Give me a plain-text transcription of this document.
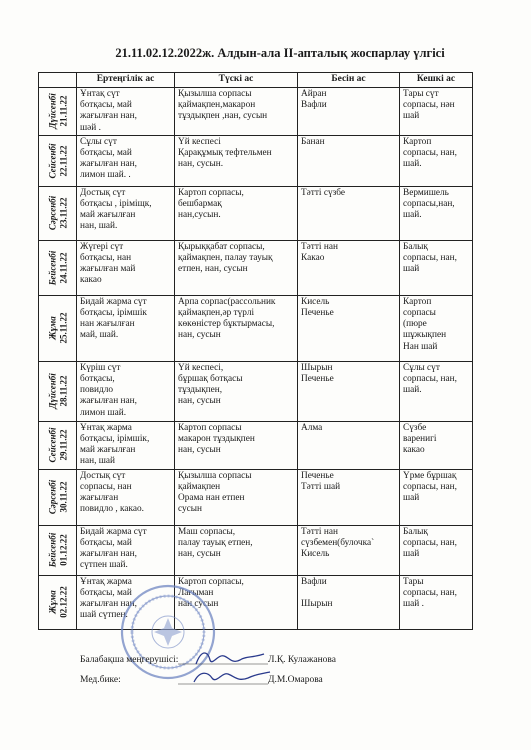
21.11.02.12.2022ж. Алдын-ала ІІ-апталық жоспарлау үлгісі
	Ертеңгілік ас	Түскі ас	Бесін ас	Кешкі ас

Дүйсенбі 21.11.22	Ұнтақ сүт
ботқасы, май
жағылған нан,
шәй .	Қызылша сорпасы
қаймақпен,макарон
тұздықпен ,нан, сусын	Айран
Вафли	Тары сүт
сорпасы, нән
шай

Сейсенбі 22.11.22	Сұлы сүт
ботқасы, май
жағылған нан,
лимон шай. .	Үй кеспесі
Қарақұмық тефтельмен
нан, сусын.	Банан	Картоп
сорпасы, нан,
шай.

Сәрсенбі 23.11.22	Достық сүт
ботқасы , іріміщк,
май жағылған
нан, шай.	Картоп сорпасы,
бешбармақ
нан,сусын.	Тәтті сүзбе	Вермишель
сорпасы,нан,
шай.

Бейсенбі 24.11.22	Жүгері сүт
ботқасы, нан
жағылған май
какао	Қырыққабат сорпасы,
қаймақпен, палау тауық
етпен, нан, сусын	Тәтті нан
Какао	Балық
сорпасы, нан,
шай

Жұма 25.11.22	Бидай жарма сүт
ботқасы, ірімшік
нан жағылған
май, шай.	Арпа сорпас(рассольник
қаймақпен,әр түрлі
көкөністер бұктырмасы,
нан, сусын	Кисель
Печенье	Картоп
сорпасы
(пюре
шұжықпен
Нан шай

Дүйсенбі 28.11.22	Күріш сүт
ботқасы,
повидло
жағылған нан,
лимон шай.	Үй кеспесі,
бұршақ ботқасы
тұздықпен,
нан, сусын	Шырын
Печенье	Сұлы сүт
сорпасы, нан,
шай.

Сейсенбі 29.11.22	Ұнтақ жарма
ботқасы, ірімшік,
май жағылған
нан, шай	Картоп сорпасы
макарон тұздықпен
нан, сусын	Алма	Сүзбе
варенигі
какао

Сәрсенбі 30.11.22	Достық сүт
сорпасы, нан
жағылған
повидло , какао.	Қызылша сорпасы
қаймақпен
Орама нан етпен
сусын	Печенье
Тәтті шай	Үрме бұршақ
сорпасы, нан,
шай

Бейсенбі 01.12.22	Бидай жарма сүт
ботқасы, май
жағылған нан,
сүтпен шай.	Маш сорпасы,
палау тауық етпен,
нан, сусын	Тәтті нан
сүзбемен(булочка`
Кисель	Балық
сорпасы, нан,
шай

Жұма 02.12.22	Ұнтақ жарма
ботқасы, май
жағылған нан,
шай сүтпен.	Картоп сорпасы,
Лағыман
нан сусын	Вафли

Шырын	Тары
сорпасы, нан,
шай .
Балабақша меңгерушісі:	Л.Қ. Кулажанова
Мед.бике:	Д.М.Омарова
